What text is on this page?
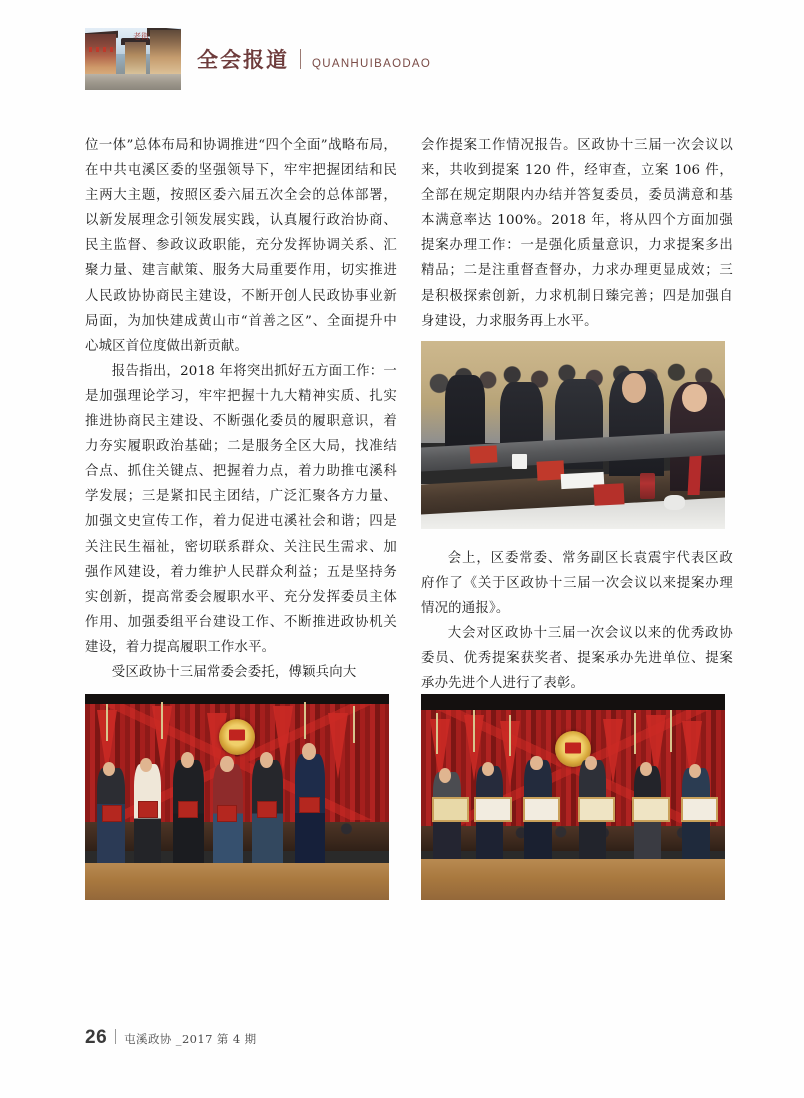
老街
全会报道 QUANHUIBAODAO

位一体”总体布局和协调推进“四个全面”战略布局，在中共屯溪区委的坚强领导下，牢牢把握团结和民主两大主题，按照区委六届五次全会的总体部署，以新发展理念引领发展实践，认真履行政治协商、民主监督、参政议政职能，充分发挥协调关系、汇聚力量、建言献策、服务大局重要作用，切实推进人民政协协商民主建设，不断开创人民政协事业新局面，为加快建成黄山市“首善之区”、全面提升中心城区首位度做出新贡献。

报告指出，2018 年将突出抓好五方面工作：一是加强理论学习，牢牢把握十九大精神实质、扎实推进协商民主建设、不断强化委员的履职意识，着力夯实履职政治基础；二是服务全区大局，找准结合点、抓住关键点、把握着力点，着力助推屯溪科学发展；三是紧扣民主团结，广泛汇聚各方力量、加强文史宣传工作，着力促进屯溪社会和谐；四是关注民生福祉，密切联系群众、关注民生需求、加强作风建设，着力维护人民群众利益；五是坚持务实创新，提高常委会履职水平、充分发挥委员主体作用、加强委组平台建设工作、不断推进政协机关建设，着力提高履职工作水平。

受区政协十三届常委会委托，傅颖兵向大

会作提案工作情况报告。区政协十三届一次会议以来，共收到提案 120 件，经审查，立案 106 件，全部在规定期限内办结并答复委员，委员满意和基本满意率达 100%。2018 年，将从四个方面加强提案办理工作：一是强化质量意识，力求提案多出精品；二是注重督查督办，力求办理更显成效；三是积极探索创新，力求机制日臻完善；四是加强自身建设，力求服务再上水平。

会上，区委常委、常务副区长袁震宇代表区政府作了《关于区政协十三届一次会议以来提案办理情况的通报》。

大会对区政协十三届一次会议以来的优秀政协委员、优秀提案获奖者、提案承办先进单位、提案承办先进个人进行了表彰。

26 屯溪政协 _2017 第 4 期
